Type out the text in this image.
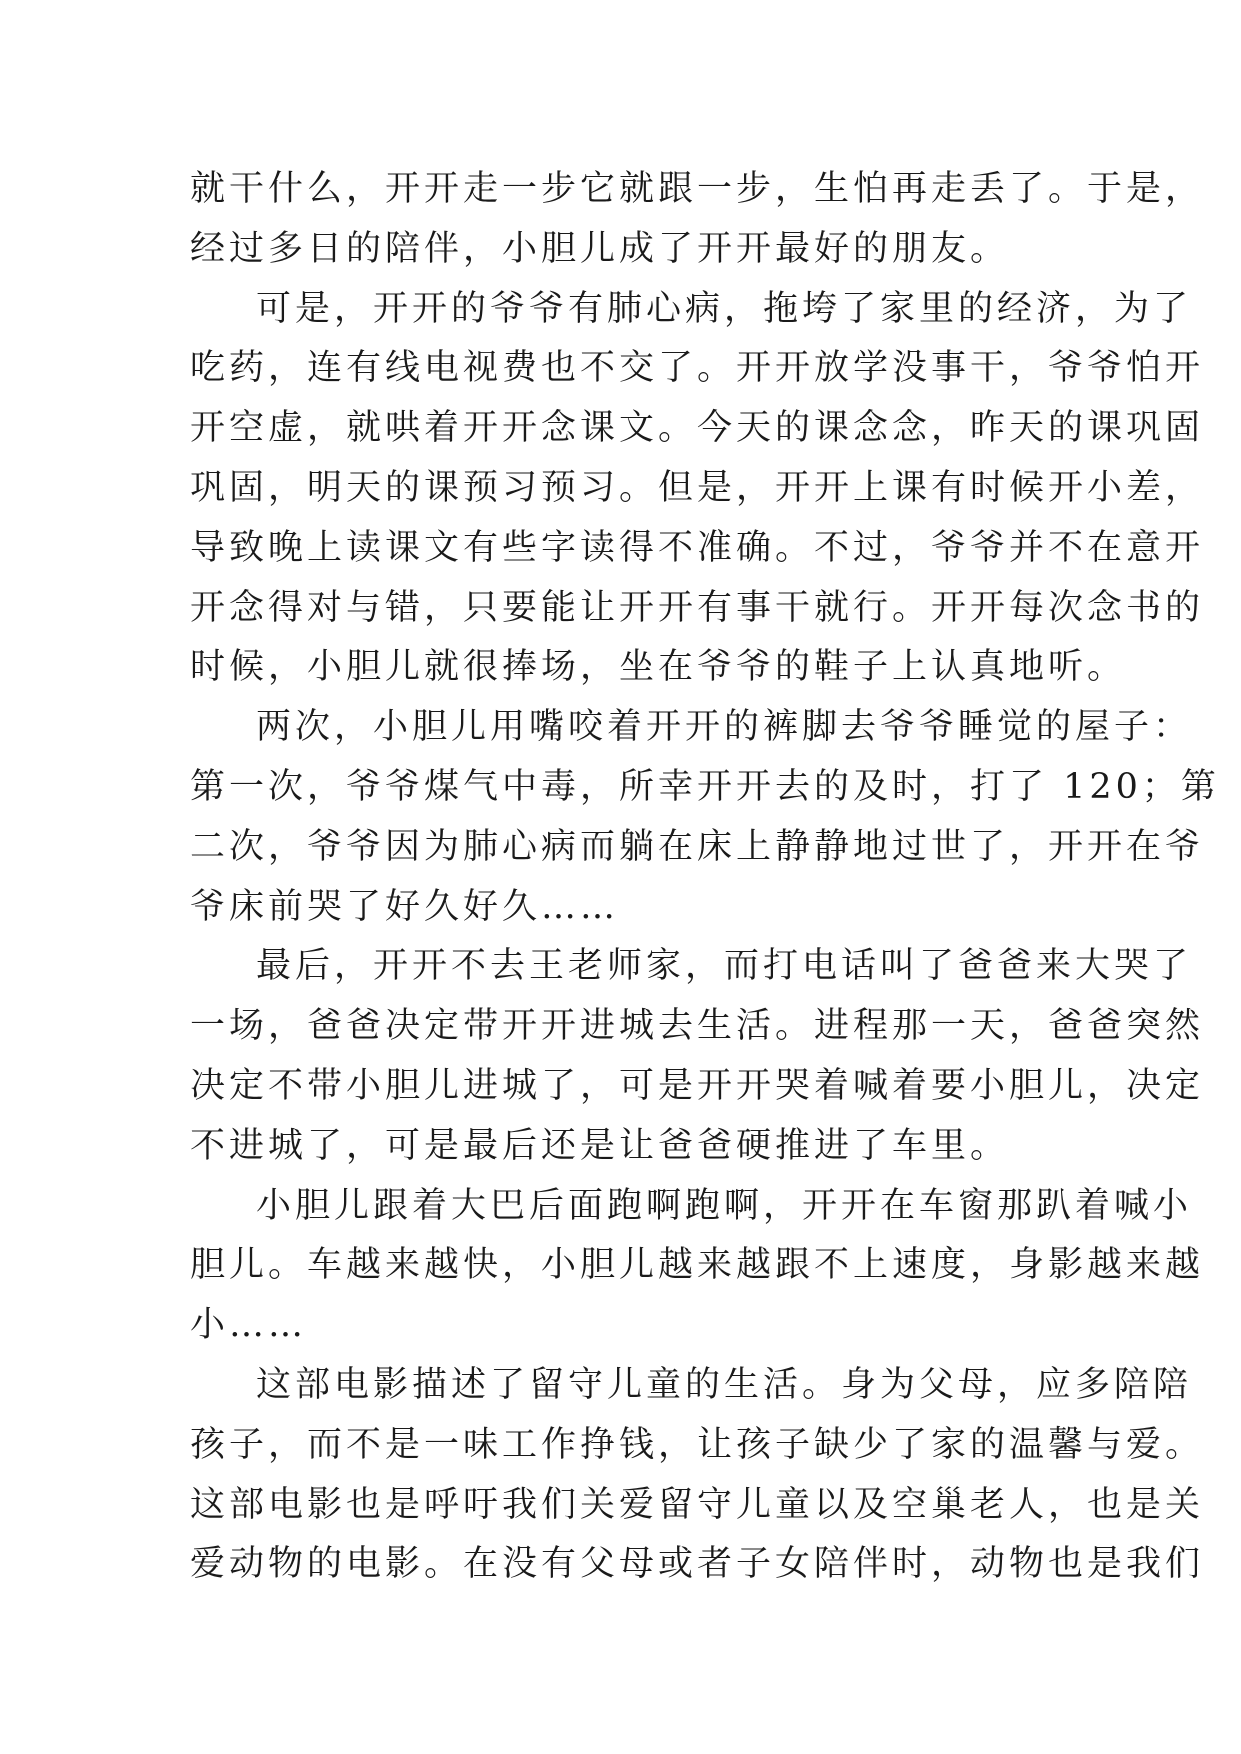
就干什么，开开走一步它就跟一步，生怕再走丢了。于是，
经过多日的陪伴，小胆儿成了开开最好的朋友。
可是，开开的爷爷有肺心病，拖垮了家里的经济，为了
吃药，连有线电视费也不交了。开开放学没事干，爷爷怕开
开空虚，就哄着开开念课文。今天的课念念，昨天的课巩固
巩固，明天的课预习预习。但是，开开上课有时候开小差，
导致晚上读课文有些字读得不准确。不过，爷爷并不在意开
开念得对与错，只要能让开开有事干就行。开开每次念书的
时候，小胆儿就很捧场，坐在爷爷的鞋子上认真地听。
两次，小胆儿用嘴咬着开开的裤脚去爷爷睡觉的屋子：
第一次，爷爷煤气中毒，所幸开开去的及时，打了 120；第
二次，爷爷因为肺心病而躺在床上静静地过世了，开开在爷
爷床前哭了好久好久……
最后，开开不去王老师家，而打电话叫了爸爸来大哭了
一场，爸爸决定带开开进城去生活。进程那一天，爸爸突然
决定不带小胆儿进城了，可是开开哭着喊着要小胆儿，决定
不进城了，可是最后还是让爸爸硬推进了车里。
小胆儿跟着大巴后面跑啊跑啊，开开在车窗那趴着喊小
胆儿。车越来越快，小胆儿越来越跟不上速度，身影越来越
小……
这部电影描述了留守儿童的生活。身为父母，应多陪陪
孩子，而不是一味工作挣钱，让孩子缺少了家的温馨与爱。
这部电影也是呼吁我们关爱留守儿童以及空巢老人，也是关
爱动物的电影。在没有父母或者子女陪伴时，动物也是我们
